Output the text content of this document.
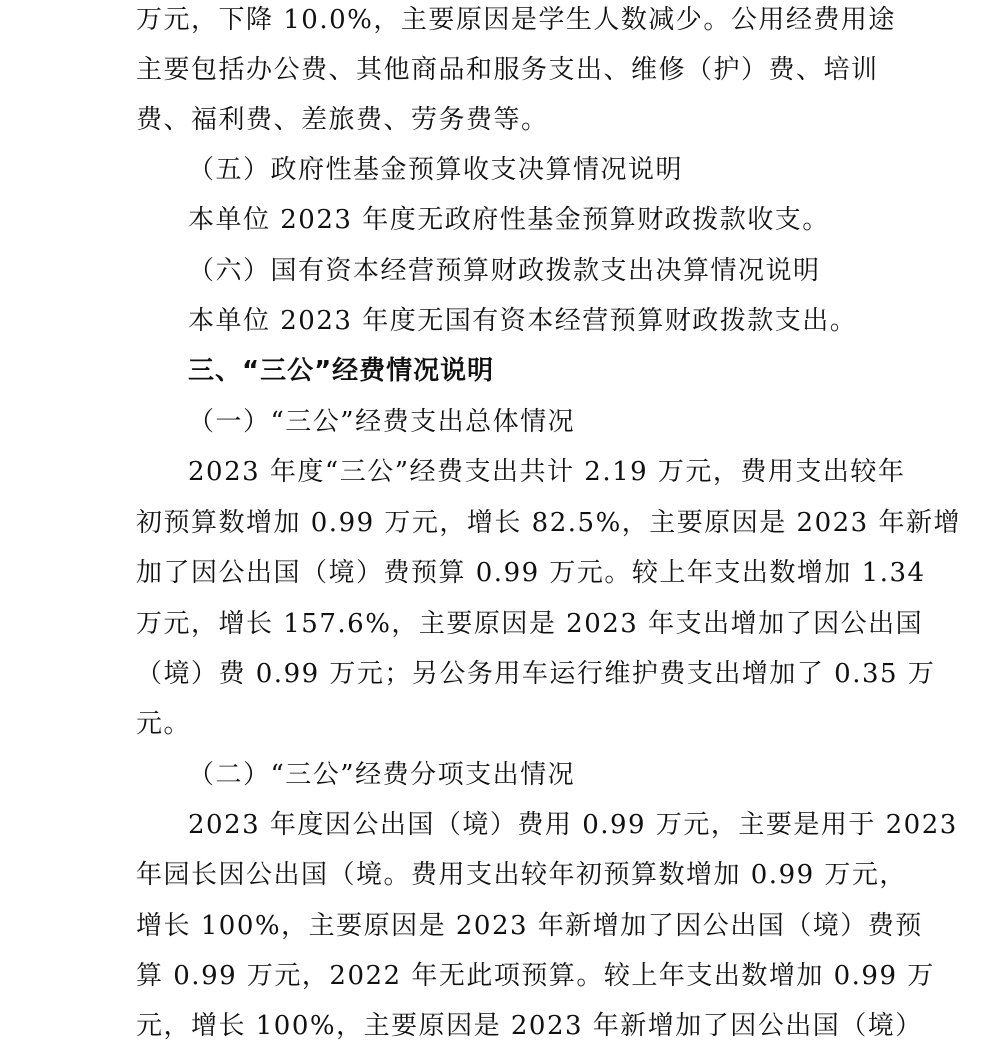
万元，下降 10.0%，主要原因是学生人数减少。公用经费用途
主要包括办公费、其他商品和服务支出、维修（护）费、培训
费、福利费、差旅费、劳务费等。
（五）政府性基金预算收支决算情况说明
本单位 2023 年度无政府性基金预算财政拨款收支。
（六）国有资本经营预算财政拨款支出决算情况说明
本单位 2023 年度无国有资本经营预算财政拨款支出。
三、“三公”经费情况说明
（一）“三公”经费支出总体情况
2023 年度“三公”经费支出共计 2.19 万元，费用支出较年
初预算数增加 0.99 万元，增长 82.5%，主要原因是 2023 年新增
加了因公出国（境）费预算 0.99 万元。较上年支出数增加 1.34
万元，增长 157.6%，主要原因是 2023 年支出增加了因公出国
（境）费 0.99 万元；另公务用车运行维护费支出增加了 0.35 万
元。
（二）“三公”经费分项支出情况
2023 年度因公出国（境）费用 0.99 万元，主要是用于 2023
年园长因公出国（境。费用支出较年初预算数增加 0.99 万元，
增长 100%，主要原因是 2023 年新增加了因公出国（境）费预
算 0.99 万元，2022 年无此项预算。较上年支出数增加 0.99 万
元，增长 100%，主要原因是 2023 年新增加了因公出国（境）
